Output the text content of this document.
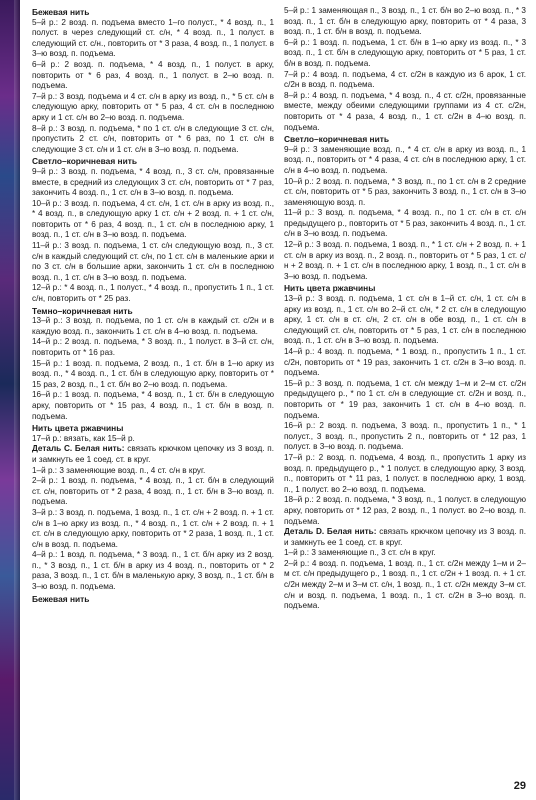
Бежевая нить

5–й р.: 2 возд. п. подъема вместо 1–го полуст., * 4 возд. п., 1 полуст. в через следующий ст. с/н, * 4 возд. п., 1 полуст. в следующий ст. с/н., повторить от * 3 раза, 4 возд. п., 1 полуст. в 3–ю возд. п. подъема.

6–й р.: 2 возд. п. подъема, * 4 возд. п., 1 полуст. в арку, повторить от * 6 раз, 4 возд. п., 1 полуст. в 2–ю возд. п. подъема.

7–й р.: 3 возд. подъема и 4 ст. с/н в арку из возд. п., * 5 ст. с/н в следующую арку, повторить от * 5 раз, 4 ст. с/н в последнюю арку и 1 ст. с/н во 2–ю возд. п. подъема.

8–й р.: 3 возд. п. подъема, * по 1 ст. с/н в следующие 3 ст. с/н, пропустить 2 ст. с/н, повторить от * 6 раз, по 1 ст. с/н в следующие 3 ст. с/н и 1 ст. с/н в 3–ю возд. п. подъема.

Светло–коричневая нить

9–й р.: 3 возд. п. подъема, * 4 возд. п., 3 ст. с/н, провязанные вместе, в средний из следующих 3 ст. с/н, повторить от * 7 раз, закончить 4 возд. п., 1 ст. с/н в 3–ю возд. п. подъема.

10–й р.: 3 возд. п. подъема, 4 ст. с/н, 1 ст. с/н в арку из возд. п., * 4 возд. п., в следующую арку 1 ст. с/н + 2 возд. п. + 1 ст. с/н, повторить от * 6 раз, 4 возд. п., 1 ст. с/н в последнюю арку, 1 возд. п., 1 ст. с/н в 3–ю возд. п. подъема.

11–й р.: 3 возд. п. подъема, 1 ст. с/н следующую возд. п., 3 ст. с/н в каждый следующий ст. с/н, по 1 ст. с/н в маленькие арки и по 3 ст. с/н в большие арки, закончить 1 ст. с/н в последнюю возд. п., 1 ст. с/н в 3–ю возд. п. подъема.

12–й р.: * 4 возд. п., 1 полуст., * 4 возд. п., пропустить 1 п., 1 ст. с/н, повторить от * 25 раз.

Темно–коричневая нить

13–й р.: 3 возд. п. подъема, по 1 ст. с/н в каждый ст. с/2н и в каждую возд. п., закончить 1 ст. с/н в 4–ю возд. п. подъема.

14–й р.: 2 возд. п. подъема, * 3 возд. п., 1 полуст. в 3–й ст. с/н, повторить от * 16 раз.

15–й р.: 1 возд. п. подъема, 2 возд. п., 1 ст. б/н в 1–ю арку из возд. п., * 4 возд. п., 1 ст. б/н в следующую арку, повторить от * 15 раз, 2 возд. п., 1 ст. б/н во 2–ю возд. п. подъема.

16–й р.: 1 возд. п. подъема, * 4 возд. п., 1 ст. б/н в следующую арку, повторить от * 15 раз, 4 возд. п., 1 ст. б/н в возд. п. подъема.

Нить цвета ржавчины

17–й р.: вязать, как 15–й р.

Деталь С. Белая нить: связать крючком цепочку из 3 возд. п. и замкнуть ее 1 соед. ст. в круг.

1–й р.: 3 заменяющие возд. п., 4 ст. с/н в круг.

2–й р.: 1 возд. п. подъема, * 4 возд. п., 1 ст. б/н в следующий ст. с/н, повторить от * 2 раза, 4 возд. п., 1 ст. б/н в 3–ю возд. п. подъема.

3–й р.: 3 возд. п. подъема, 1 возд. п., 1 ст. с/н + 2 возд. п. + 1 ст. с/н в 1–ю арку из возд. п., * 4 возд. п., 1 ст. с/н + 2 возд. п. + 1 ст. с/н в следующую арку, повторить от * 2 раза, 1 возд. п., 1 ст. с/н в возд. п. подъема.

4–й р.: 1 возд. п. подъема, * 3 возд. п., 1 ст. б/н арку из 2 возд. п., * 3 возд. п., 1 ст. б/н в арку из 4 возд. п., повторить от * 2 раза, 3 возд. п., 1 ст. б/н в маленькую арку, 3 возд. п., 1 ст. б/н в 3–ю возд. п. подъема.

Бежевая нить

5–й р.: 1 заменяющая п., 3 возд. п., 1 ст. б/н во 2–ю возд. п., * 3 возд. п., 1 ст. б/н в следующую арку, повторить от * 4 раза, 3 возд. п., 1 ст. б/н в возд. п. подъема.

6–й р.: 1 возд. п. подъема, 1 ст. б/н в 1–ю арку из возд. п., * 3 возд. п., 1 ст. б/н в следующую арку, повторить от * 5 раз, 1 ст. б/н в возд. п. подъема.

7–й р.: 4 возд. п. подъема, 4 ст. с/2н в каждую из 6 арок, 1 ст. с/2н в возд. п. подъема.

8–й р.: 4 возд. п. подъема, * 4 возд. п., 4 ст. с/2н, провязанные вместе, между обеими следующими группами из 4 ст. с/2н, повторить от * 4 раза, 4 возд. п., 1 ст. с/2н в 4–ю возд. п. подъема.

Светло–коричневая нить

9–й р.: 3 заменяющие возд. п., * 4 ст. с/н в арку из возд. п., 1 возд. п., повторить от * 4 раза, 4 ст. с/н в последнюю арку, 1 ст. с/н в 4–ю возд. п. подъема.

10–й р.: 2 возд. п. подъема, * 3 возд. п., по 1 ст. с/н в 2 средние ст. с/н, повторить от * 5 раз, закончить 3 возд. п., 1 ст. с/н в 3–ю заменяющую возд. п.

11–й р.: 3 возд. п. подъема, * 4 возд. п., по 1 ст. с/н в ст. с/н предыдущего р., повторить от * 5 раз, закончить 4 возд. п., 1 ст. с/н в 3–ю возд. п. подъема.

12–й р.: 3 возд. п. подъема, 1 возд. п., * 1 ст. с/н + 2 возд. п. + 1 ст. с/н в арку из возд. п., 2 возд. п., повторить от * 5 раз, 1 ст. с/н + 2 возд. п. + 1 ст. с/н в последнюю арку, 1 возд. п., 1 ст. с/н в 3–ю возд. п. подъема.

Нить цвета ржавчины

13–й р.: 3 возд. п. подъема, 1 ст. с/н в 1–й ст. с/н, 1 ст. с/н в арку из возд. п., 1 ст. с/н во 2–й ст. с/н, * 2 ст. с/н в следующую арку, 1 ст. с/н в ст. с/н, 2 ст. с/н в обе возд. п., 1 ст. с/н в следующий ст. с/н, повторить от * 5 раз, 1 ст. с/н в последнюю возд. п., 1 ст. с/н в 3–ю возд. п. подъема.

14–й р.: 4 возд. п. подъема, * 1 возд. п., пропустить 1 п., 1 ст. с/2н, повторить от * 19 раз, закончить 1 ст. с/2н в 3–ю возд. п. подъема.

15–й р.: 3 возд. п. подъема, 1 ст. с/н между 1–м и 2–м ст. с/2н предыдущего р., * по 1 ст. с/н в следующие ст. с/2н и возд. п., повторить от * 19 раз, закончить 1 ст. с/н в 4–ю возд. п. подъема.

16–й р.: 2 возд. п. подъема, 3 возд. п., пропустить 1 п., * 1 полуст., 3 возд. п., пропустить 2 п., повторить от * 12 раз, 1 полуст. в 3–ю возд. п. подъема.

17–й р.: 2 возд. п. подъема, 4 возд. п., пропустить 1 арку из возд. п. предыдущего р., * 1 полуст. в следующую арку, 3 возд. п., повторить от * 11 раз, 1 полуст. в последнюю арку, 1 возд. п., 1 полуст. во 2–ю возд. п. подъема.

18–й р.: 2 возд. п. подъема, * 3 возд. п., 1 полуст. в следующую арку, повторить от * 12 раз, 2 возд. п., 1 полуст. во 2–ю возд. п. подъема.

Деталь D. Белая нить: связать крючком цепочку из 3 возд. п. и замкнуть ее 1 соед. ст. в круг.

1–й р.: 3 заменяющие п., 3 ст. с/н в круг.

2–й р.: 4 возд. п. подъема, 1 возд. п., 1 ст. с/2н между 1–м и 2–м ст. с/н предыдущего р., 1 возд. п., 1 ст. с/2н + 1 возд. п. + 1 ст. с/2н между 2–м и 3–м ст. с/н, 1 возд. п., 1 ст. с/2н между 3–м ст. с/н и возд. п. подъема, 1 возд. п., 1 ст. с/2н в 3–ю возд. п. подъема.

29
